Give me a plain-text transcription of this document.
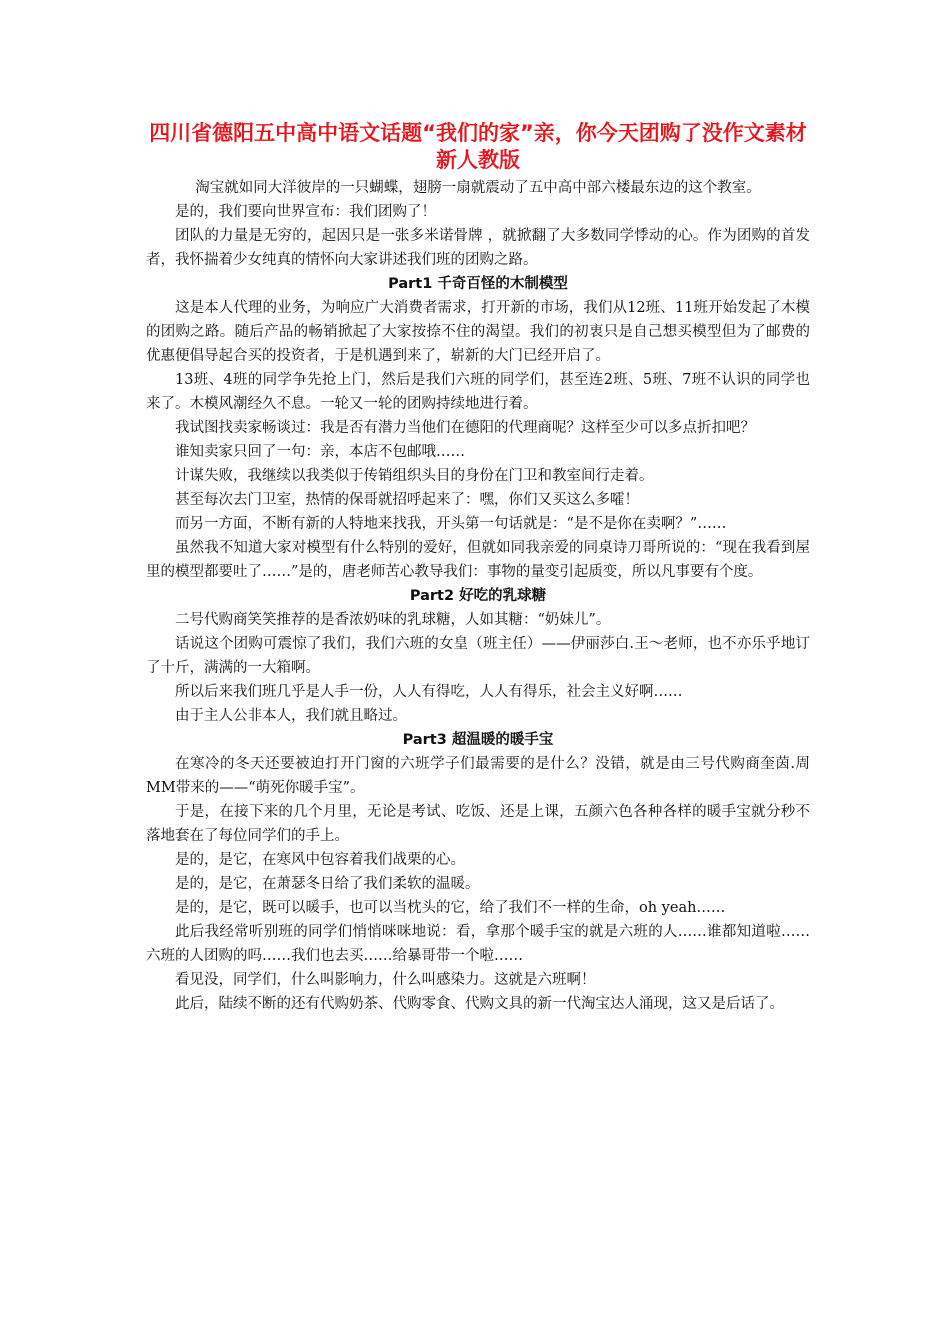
四川省德阳五中高中语文话题“我们的家”亲，你今天团购了没作文素材 新人教版

淘宝就如同大洋彼岸的一只蝴蝶，翅膀一扇就震动了五中高中部六楼最东边的这个教室。

是的，我们要向世界宣布：我们团购了！

团队的力量是无穷的，起因只是一张多米诺骨牌 ，就掀翻了大多数同学悸动的心。作为团购的首发者，我怀揣着少女纯真的情怀向大家讲述我们班的团购之路。

Part1 千奇百怪的木制模型

这是本人代理的业务，为响应广大消费者需求，打开新的市场，我们从12班、11班开始发起了木模的团购之路。随后产品的畅销掀起了大家按捺不住的渴望。我们的初衷只是自己想买模型但为了邮费的优惠便倡导起合买的投资者，于是机遇到来了，崭新的大门已经开启了。

13班、4班的同学争先抢上门，然后是我们六班的同学们，甚至连2班、5班、7班不认识的同学也来了。木模风潮经久不息。一轮又一轮的团购持续地进行着。

我试图找卖家畅谈过：我是否有潜力当他们在德阳的代理商呢？这样至少可以多点折扣吧？

谁知卖家只回了一句：亲，本店不包邮哦……

计谋失败，我继续以我类似于传销组织头目的身份在门卫和教室间行走着。

甚至每次去门卫室，热情的保哥就招呼起来了：嘿，你们又买这么多嚯！

而另一方面，不断有新的人特地来找我，开头第一句话就是：“是不是你在卖啊？”……

虽然我不知道大家对模型有什么特别的爱好，但就如同我亲爱的同桌诗刀哥所说的：“现在我看到屋里的模型都要吐了……”是的，唐老师苦心教导我们：事物的量变引起质变，所以凡事要有个度。

Part2 好吃的乳球糖

二号代购商笑笑推荐的是香浓奶味的乳球糖，人如其糖：“奶妹儿”。

话说这个团购可震惊了我们，我们六班的女皇（班主任）——伊丽莎白.王～老师，也不亦乐乎地订了十斤，满满的一大箱啊。

所以后来我们班几乎是人手一份，人人有得吃，人人有得乐，社会主义好啊……

由于主人公非本人，我们就且略过。

Part3 超温暖的暖手宝

在寒冷的冬天还要被迫打开门窗的六班学子们最需要的是什么？没错，就是由三号代购商奎茵.周MM带来的——“萌死你暖手宝”。

于是，在接下来的几个月里，无论是考试、吃饭、还是上课，五颜六色各种各样的暖手宝就分秒不落地套在了每位同学们的手上。

是的，是它，在寒风中包容着我们战栗的心。

是的，是它，在萧瑟冬日给了我们柔软的温暖。

是的，是它，既可以暖手，也可以当枕头的它，给了我们不一样的生命，oh yeah……

此后我经常听别班的同学们悄悄咪咪地说：看，拿那个暖手宝的就是六班的人……谁都知道啦……六班的人团购的吗……我们也去买……给暴哥带一个啦……

看见没，同学们，什么叫影响力，什么叫感染力。这就是六班啊！

此后，陆续不断的还有代购奶茶、代购零食、代购文具的新一代淘宝达人涌现，这又是后话了。
